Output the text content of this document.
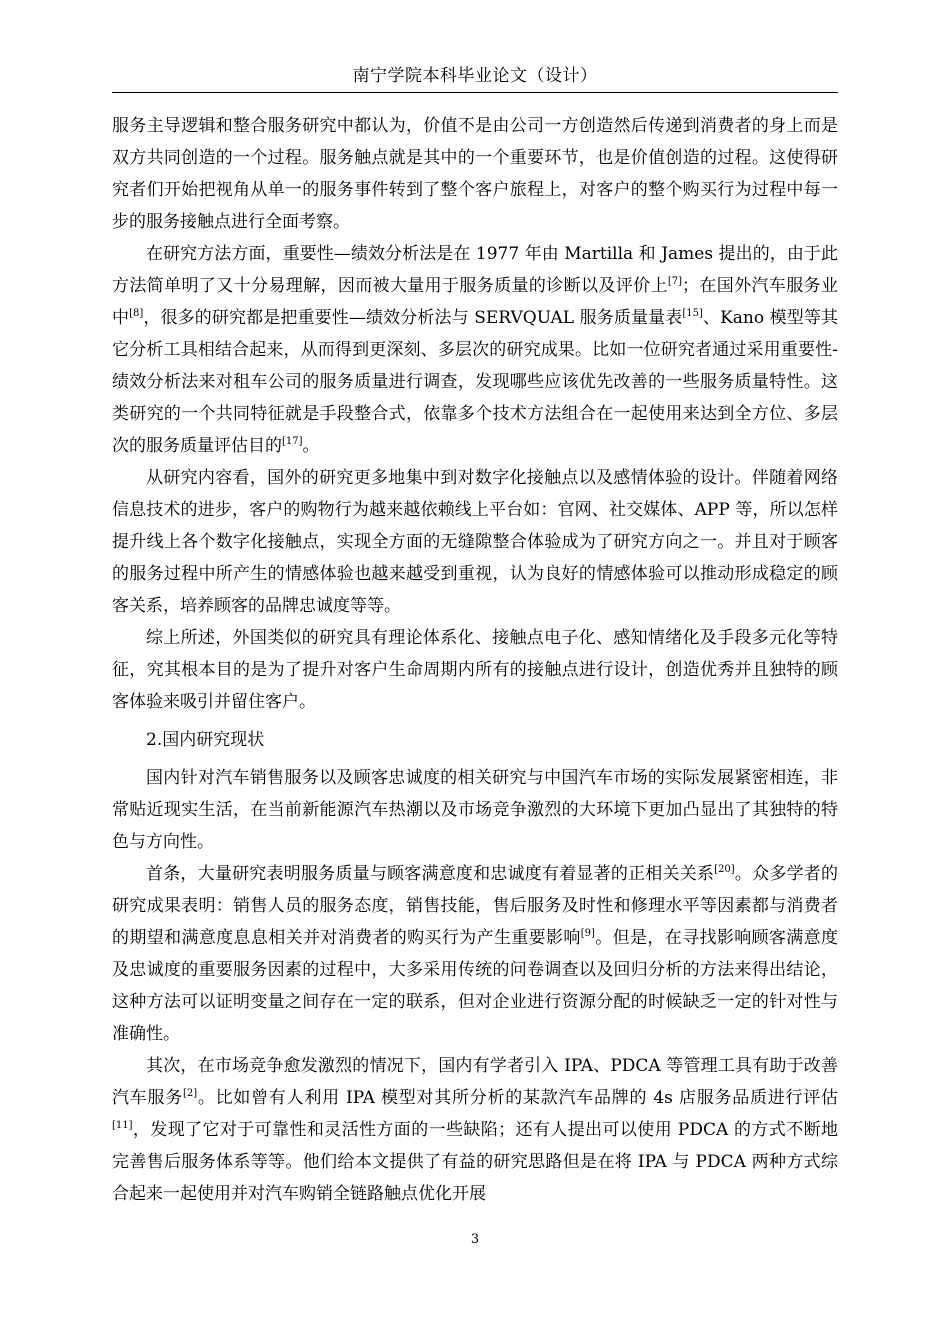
南宁学院本科毕业论文（设计）

服务主导逻辑和整合服务研究中都认为，价值不是由公司一方创造然后传递到消费者的身上而是双方共同创造的一个过程。服务触点就是其中的一个重要环节，也是价值创造的过程。这使得研究者们开始把视角从单一的服务事件转到了整个客户旅程上，对客户的整个购买行为过程中每一步的服务接触点进行全面考察。

在研究方法方面，重要性—绩效分析法是在 1977 年由 Martilla 和 James 提出的，由于此方法简单明了又十分易理解，因而被大量用于服务质量的诊断以及评价上[7]；在国外汽车服务业中[8]，很多的研究都是把重要性—绩效分析法与 SERVQUAL 服务质量量表[15]、Kano 模型等其它分析工具相结合起来，从而得到更深刻、多层次的研究成果。比如一位研究者通过采用重要性-绩效分析法来对租车公司的服务质量进行调查，发现哪些应该优先改善的一些服务质量特性。这类研究的一个共同特征就是手段整合式，依靠多个技术方法组合在一起使用来达到全方位、多层次的服务质量评估目的[17]。

从研究内容看，国外的研究更多地集中到对数字化接触点以及感情体验的设计。伴随着网络信息技术的进步，客户的购物行为越来越依赖线上平台如：官网、社交媒体、APP 等，所以怎样提升线上各个数字化接触点，实现全方面的无缝隙整合体验成为了研究方向之一。并且对于顾客的服务过程中所产生的情感体验也越来越受到重视，认为良好的情感体验可以推动形成稳定的顾客关系，培养顾客的品牌忠诚度等等。

综上所述，外国类似的研究具有理论体系化、接触点电子化、感知情绪化及手段多元化等特征，究其根本目的是为了提升对客户生命周期内所有的接触点进行设计，创造优秀并且独特的顾客体验来吸引并留住客户。

2.国内研究现状

国内针对汽车销售服务以及顾客忠诚度的相关研究与中国汽车市场的实际发展紧密相连，非常贴近现实生活，在当前新能源汽车热潮以及市场竞争激烈的大环境下更加凸显出了其独特的特色与方向性。

首条，大量研究表明服务质量与顾客满意度和忠诚度有着显著的正相关关系[20]。众多学者的研究成果表明：销售人员的服务态度，销售技能，售后服务及时性和修理水平等因素都与消费者的期望和满意度息息相关并对消费者的购买行为产生重要影响[9]。但是，在寻找影响顾客满意度及忠诚度的重要服务因素的过程中，大多采用传统的问卷调查以及回归分析的方法来得出结论，这种方法可以证明变量之间存在一定的联系，但对企业进行资源分配的时候缺乏一定的针对性与准确性。

其次，在市场竞争愈发激烈的情况下，国内有学者引入 IPA、PDCA 等管理工具有助于改善汽车服务[2]。比如曾有人利用 IPA 模型对其所分析的某款汽车品牌的 4s 店服务品质进行评估[11]，发现了它对于可靠性和灵活性方面的一些缺陷；还有人提出可以使用 PDCA 的方式不断地完善售后服务体系等等。他们给本文提供了有益的研究思路但是在将 IPA 与 PDCA 两种方式综合起来一起使用并对汽车购销全链路触点优化开展

3
